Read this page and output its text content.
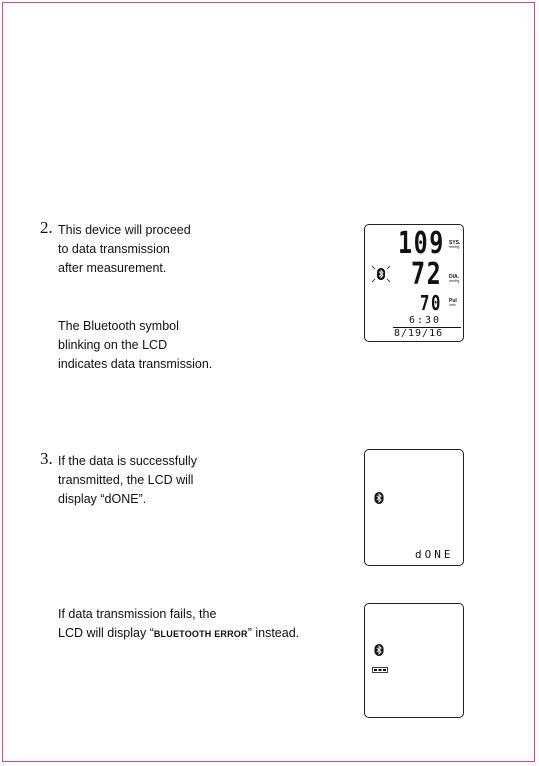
2. This device will proceed
to data transmission
after measurement.
The Bluetooth symbol
blinking on the LCD
indicates data transmission.
3. If the data is successfully
transmitted, the LCD will
display “dONE”.
If data transmission fails, the
LCD will display “BLUETOOTH ERROR” instead.
109 SYS.
mmHg
72 DIA.
mmHg
70 Pul
/min
6:30
8/19/16
dONE
